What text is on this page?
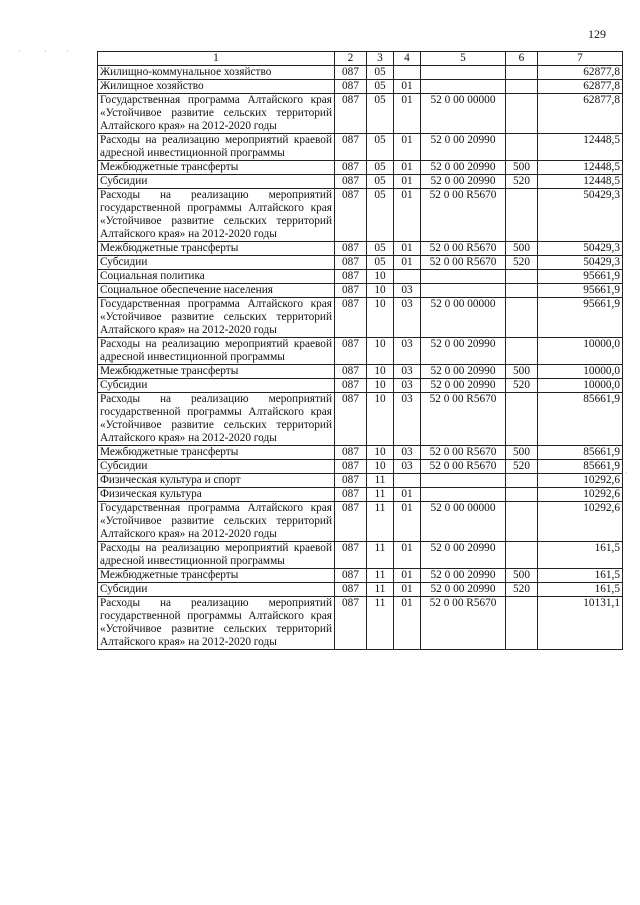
129
·	· ·
·
1	2	3	4	5	6	7
Жилищно-коммунальное хозяйство	087	05				62877,8
Жилищное хозяйство	087	05	01			62877,8
Государственная программа Алтайского края «Устойчивое развитие сельских территорий Алтайского края» на 2012-2020 годы	087	05	01	52 0 00 00000		62877,8
Расходы на реализацию мероприятий краевой адресной инвестиционной программы	087	05	01	52 0 00 20990		12448,5
Межбюджетные трансферты	087	05	01	52 0 00 20990	500	12448,5
Субсидии	087	05	01	52 0 00 20990	520	12448,5
Расходы на реализацию мероприятий государственной программы Алтайского края «Устойчивое развитие сельских территорий Алтайского края» на 2012-2020 годы	087	05	01	52 0 00 R5670		50429,3
Межбюджетные трансферты	087	05	01	52 0 00 R5670	500	50429,3
Субсидии	087	05	01	52 0 00 R5670	520	50429,3
Социальная политика	087	10				95661,9
Социальное обеспечение населения	087	10	03			95661,9
Государственная программа Алтайского края «Устойчивое развитие сельских территорий Алтайского края» на 2012-2020 годы	087	10	03	52 0 00 00000		95661,9
Расходы на реализацию мероприятий краевой адресной инвестиционной программы	087	10	03	52 0 00 20990		10000,0
Межбюджетные трансферты	087	10	03	52 0 00 20990	500	10000,0
Субсидии	087	10	03	52 0 00 20990	520	10000,0
Расходы на реализацию мероприятий государственной программы Алтайского края «Устойчивое развитие сельских территорий Алтайского края» на 2012-2020 годы	087	10	03	52 0 00 R5670		85661,9
Межбюджетные трансферты	087	10	03	52 0 00 R5670	500	85661,9
Субсидии	087	10	03	52 0 00 R5670	520	85661,9
Физическая культура и спорт	087	11				10292,6
Физическая культура	087	11	01			10292,6
Государственная программа Алтайского края «Устойчивое развитие сельских территорий Алтайского края» на 2012-2020 годы	087	11	01	52 0 00 00000		10292,6
Расходы на реализацию мероприятий краевой адресной инвестиционной программы	087	11	01	52 0 00 20990		161,5
Межбюджетные трансферты	087	11	01	52 0 00 20990	500	161,5
Субсидии	087	11	01	52 0 00 20990	520	161,5
Расходы на реализацию мероприятий государственной программы Алтайского края «Устойчивое развитие сельских территорий Алтайского края» на 2012-2020 годы	087	11	01	52 0 00 R5670		10131,1
